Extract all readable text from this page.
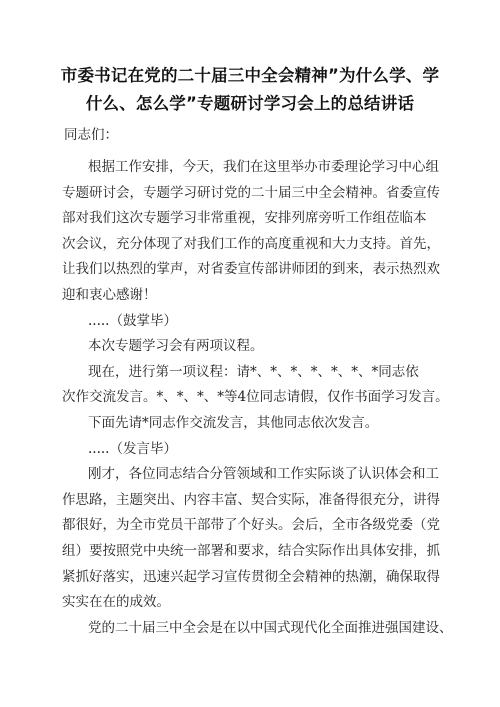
市委书记在党的二十届三中全会精神”为什么学、学
什么、怎么学”专题研讨学习会上的总结讲话

同志们：

根据工作安排，今天，我们在这里举办市委理论学习中心组
专题研讨会，专题学习研讨党的二十届三中全会精神。省委宣传
部对我们这次专题学习非常重视，安排列席旁听工作组莅临本
次会议，充分体现了对我们工作的高度重视和大力支持。首先，
让我们以热烈的掌声，对省委宣传部讲师团的到来，表示热烈欢
迎和衷心感谢！
.....（鼓掌毕）
本次专题学习会有两项议程。
现在，进行第一项议程：请*、*、*、*、*、*、*同志依
次作交流发言。*、*、*、*等4位同志请假，仅作书面学习发言。
下面先请*同志作交流发言，其他同志依次发言。
.....（发言毕）
刚才，各位同志结合分管领域和工作实际谈了认识体会和工
作思路，主题突出、内容丰富、契合实际，准备得很充分，讲得
都很好，为全市党员干部带了个好头。会后，全市各级党委（党
组）要按照党中央统一部署和要求，结合实际作出具体安排，抓
紧抓好落实，迅速兴起学习宣传贯彻全会精神的热潮，确保取得
实实在在的成效。
党的二十届三中全会是在以中国式现代化全面推进强国建设、
